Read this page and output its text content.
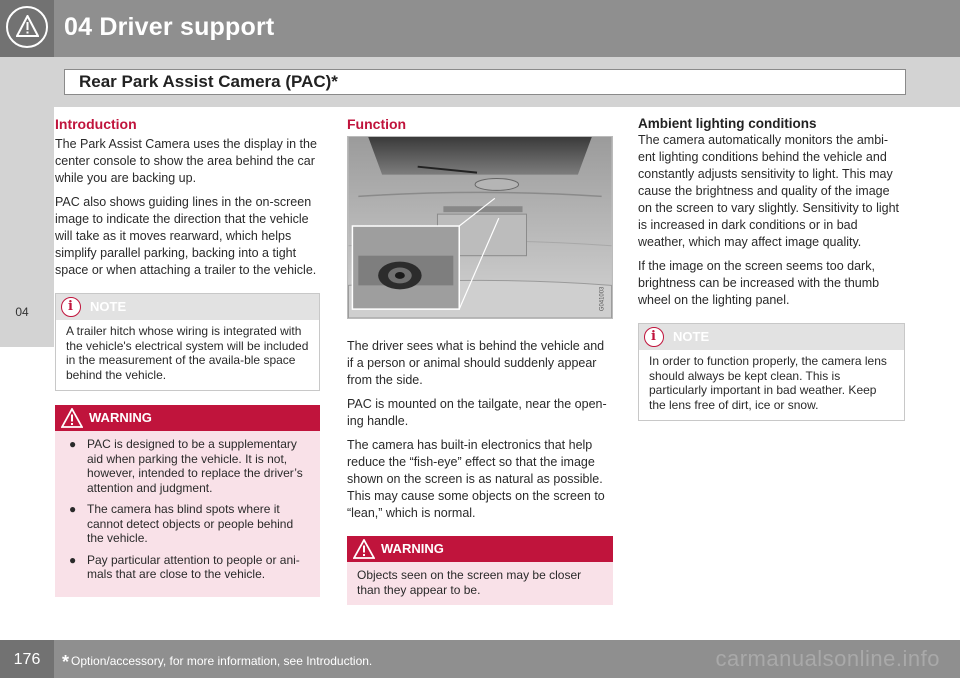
04 Driver support
Rear Park Assist Camera (PAC)*
04
Introduction

The Park Assist Camera uses the display in the center console to show the area behind the car while you are backing up.

PAC also shows guiding lines in the on-screen image to indicate the direction that the vehicle will take as it moves rearward, which helps simplify parallel parking, backing into a tight space or when attaching a trailer to the vehicle.

i	NOTE
A trailer hitch whose wiring is integrated with the vehicle's electrical system will be included in the measurement of the availa-ble space behind the vehicle.
WARNING
● PAC is designed to be a supplementary aid when parking the vehicle. It is not, however, intended to replace the driver’s attention and judgment.
● The camera has blind spots where it cannot detect objects or people behind the vehicle.
● Pay particular attention to people or ani-mals that are close to the vehicle.
Function
G041003

The driver sees what is behind the vehicle and if a person or animal should suddenly appear from the side.

PAC is mounted on the tailgate, near the open-ing handle.

The camera has built-in electronics that help reduce the “fish-eye” effect so that the image shown on the screen is as natural as possible. This may cause some objects on the screen to “lean,” which is normal.

WARNING
Objects seen on the screen may be closer than they appear to be.
Ambient lighting conditions

The camera automatically monitors the ambi-ent lighting conditions behind the vehicle and constantly adjusts sensitivity to light. This may cause the brightness and quality of the image on the screen to vary slightly. Sensitivity to light is increased in dark conditions or in bad weather, which may affect image quality.

If the image on the screen seems too dark, brightness can be increased with the thumb wheel on the lighting panel.

i	NOTE
In order to function properly, the camera lens should always be kept clean. This is particularly important in bad weather. Keep the lens free of dirt, ice or snow.
176	* Option/accessory, for more information, see Introduction.	carmanualsonline.info
